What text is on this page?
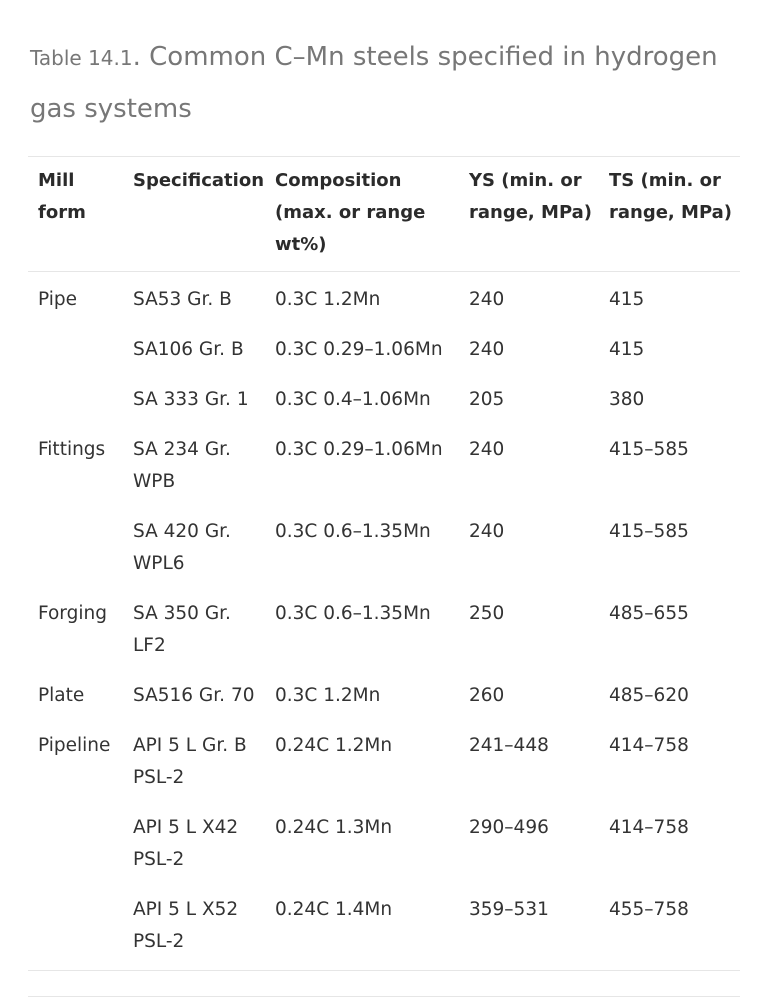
Table 14.1. Common C–Mn steels specified in hydrogen gas systems
Mill form	Specification	Composition (max. or range wt%)	YS (min. or range, MPa)	TS (min. or range, MPa)
Pipe	SA53 Gr. B	0.3C 1.2Mn	240	415
	SA106 Gr. B	0.3C 0.29–1.06Mn	240	415
	SA 333 Gr. 1	0.3C 0.4–1.06Mn	205	380
Fittings	SA 234 Gr. WPB	0.3C 0.29–1.06Mn	240	415–585
	SA 420 Gr. WPL6	0.3C 0.6–1.35Mn	240	415–585
Forging	SA 350 Gr. LF2	0.3C 0.6–1.35Mn	250	485–655
Plate	SA516 Gr. 70	0.3C 1.2Mn	260	485–620
Pipeline	API 5 L Gr. B PSL-2	0.24C 1.2Mn	241–448	414–758
	API 5 L X42 PSL-2	0.24C 1.3Mn	290–496	414–758
	API 5 L X52 PSL-2	0.24C 1.4Mn	359–531	455–758
